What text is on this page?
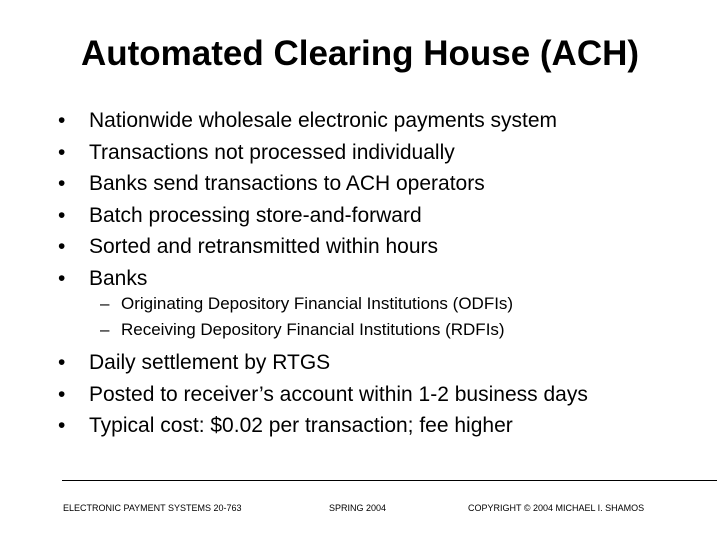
Automated Clearing House (ACH)
• Nationwide wholesale electronic payments system
• Transactions not processed individually
• Banks send transactions to ACH operators
• Batch processing store-and-forward
• Sorted and retransmitted within hours
• Banks
– Originating Depository Financial Institutions (ODFIs)
– Receiving Depository Financial Institutions (RDFIs)
• Daily settlement by RTGS
• Posted to receiver’s account within 1-2 business days
• Typical cost: $0.02 per transaction; fee higher
ELECTRONIC PAYMENT SYSTEMS 20-763	SPRING 2004	COPYRIGHT © 2004 MICHAEL I. SHAMOS
